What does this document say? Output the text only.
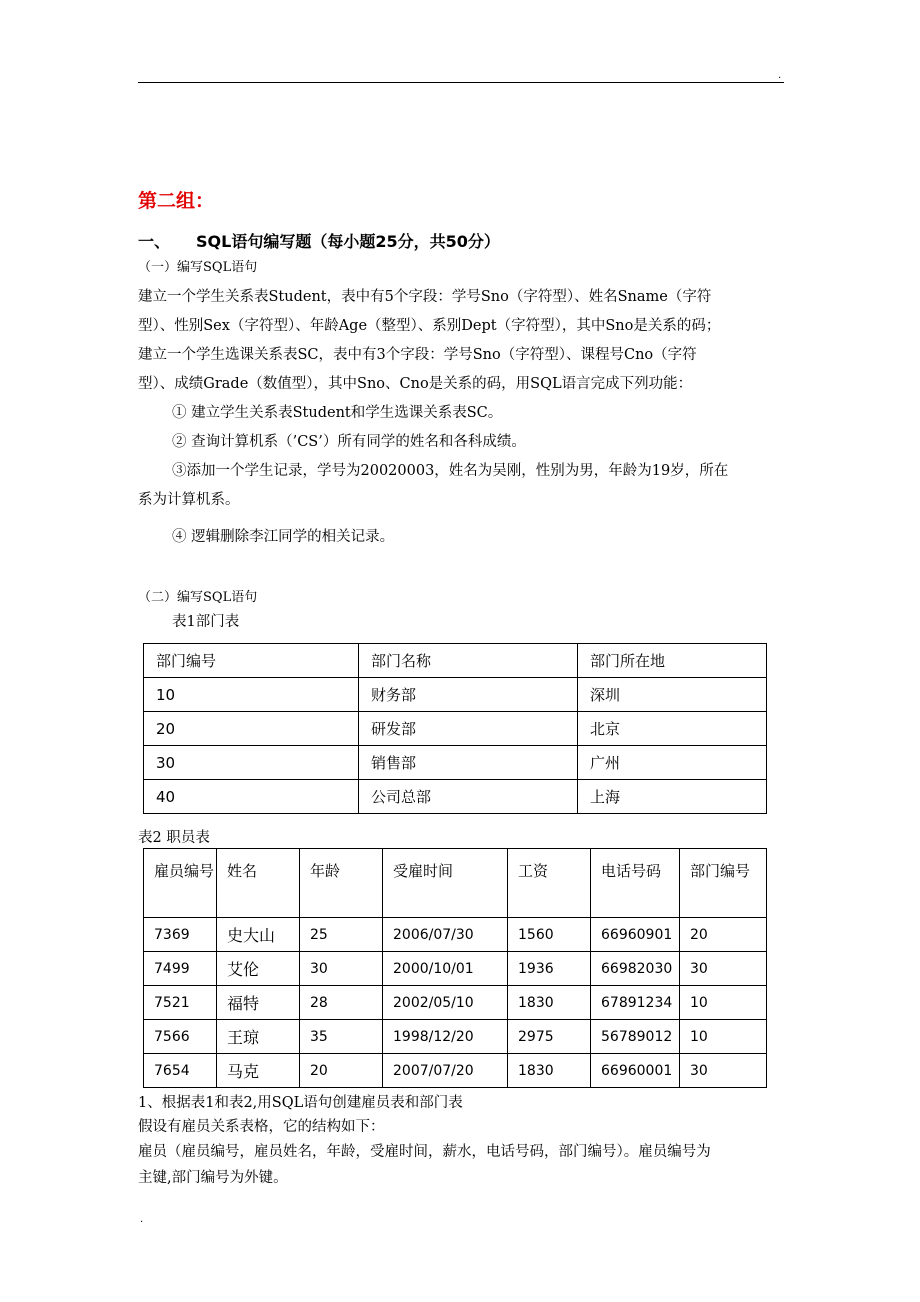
.
第二组：
一、 SQL语句编写题（每小题25分，共50分）
（一）编写SQL语句
建立一个学生关系表Student，表中有5个字段：学号Sno（字符型）、姓名Sname（字符
型）、性别Sex（字符型）、年龄Age（整型）、系别Dept（字符型），其中Sno是关系的码；
建立一个学生选课关系表SC，表中有3个字段：学号Sno（字符型）、课程号Cno（字符
型）、成绩Grade（数值型），其中Sno、Cno是关系的码，用SQL语言完成下列功能：
① 建立学生关系表Student和学生选课关系表SC。
② 查询计算机系（’CS’）所有同学的姓名和各科成绩。
③添加一个学生记录，学号为20020003，姓名为吴刚，性别为男，年龄为19岁，所在
系为计算机系。
④ 逻辑删除李江同学的相关记录。
（二）编写SQL语句
表1部门表
部门编号	部门名称	部门所在地
10	财务部	深圳
20	研发部	北京
30	销售部	广州
40	公司总部	上海
表2 职员表
雇员编号	姓名	年龄	受雇时间	工资	电话号码	部门编号
7369	史大山	25	2006/07/30	1560	66960901	20
7499	艾伦	30	2000/10/01	1936	66982030	30
7521	福特	28	2002/05/10	1830	67891234	10
7566	王琼	35	1998/12/20	2975	56789012	10
7654	马克	20	2007/07/20	1830	66960001	30
1、根据表1和表2,用SQL语句创建雇员表和部门表
假设有雇员关系表格，它的结构如下：
雇员（雇员编号，雇员姓名，年龄，受雇时间，薪水，电话号码，部门编号）。雇员编号为
主键,部门编号为外键。
.
